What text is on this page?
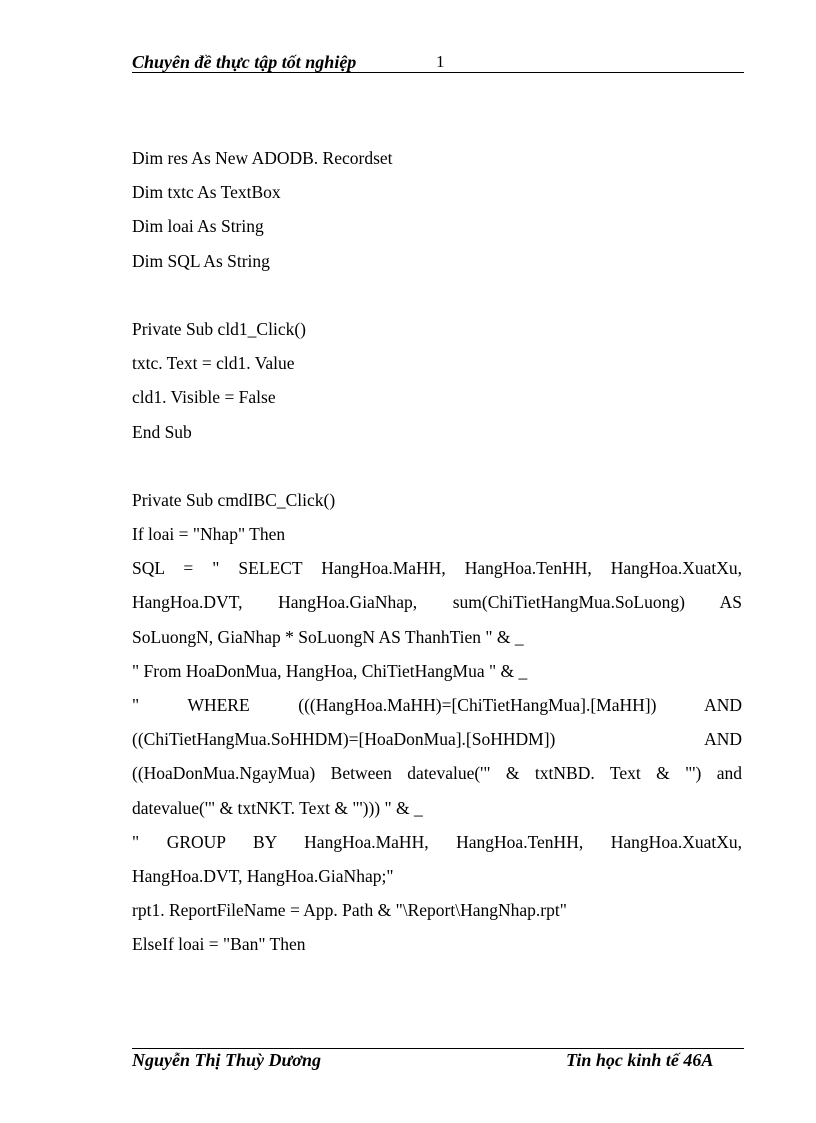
Chuyên đề thực tập tốt nghiệp	1
Dim res As New ADODB. Recordset
Dim txtc As TextBox
Dim loai As String
Dim SQL As String
Private Sub cld1_Click()
txtc. Text = cld1. Value
cld1. Visible = False
End Sub
Private Sub cmdIBC_Click()
If loai = "Nhap" Then
SQL = " SELECT HangHoa.MaHH, HangHoa.TenHH, HangHoa.XuatXu,
HangHoa.DVT, HangHoa.GiaNhap, sum(ChiTietHangMua.SoLuong) AS
SoLuongN, GiaNhap * SoLuongN AS ThanhTien " & _
" From HoaDonMua, HangHoa, ChiTietHangMua " & _
" WHERE (((HangHoa.MaHH)=[ChiTietHangMua].[MaHH]) AND
((ChiTietHangMua.SoHHDM)=[HoaDonMua].[SoHHDM]) AND
((HoaDonMua.NgayMua) Between datevalue('" & txtNBD. Text & "') and
datevalue('" & txtNKT. Text & "'))) " & _
" GROUP BY HangHoa.MaHH, HangHoa.TenHH, HangHoa.XuatXu,
HangHoa.DVT, HangHoa.GiaNhap;"
rpt1. ReportFileName = App. Path & "\Report\HangNhap.rpt"
ElseIf loai = "Ban" Then
Nguyễn Thị Thuỳ Dương	Tin học kinh tế 46A
